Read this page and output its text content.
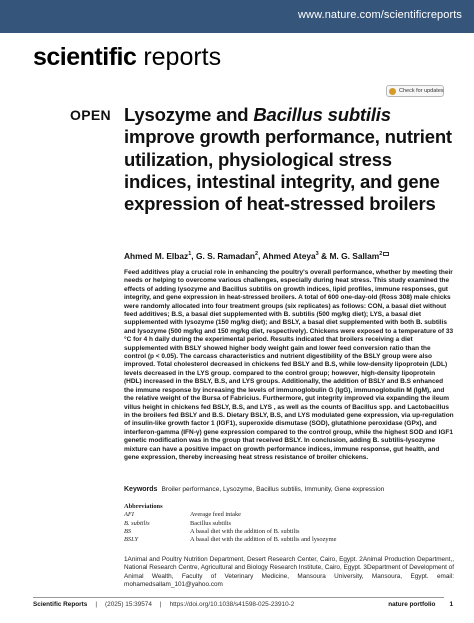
www.nature.com/scientificreports
scientific reports
Check for updates
OPEN Lysozyme and Bacillus subtilis improve growth performance, nutrient utilization, physiological stress indices, intestinal integrity, and gene expression of heat-stressed broilers
Ahmed M. Elbaz$^1$, G. S. Ramadan$^2$, Ahmed Ateya$^3$ & M. G. Sallam$^2$

Feed additives play a crucial role in enhancing the poultry's overall performance, whether by meeting their needs or helping to overcome various challenges, especially during heat stress. This study examined the effects of adding lysozyme and Bacillus subtilis on growth indices, lipid profiles, immune responses, gut integrity, and gene expression in heat-stressed broilers. A total of 600 one-day-old (Ross 308) male chicks were randomly allocated into four treatment groups (six replicates) as follows: CON, a basal diet without feed additives; B.S, a basal diet supplemented with B. subtilis (500 mg/kg diet); LYS, a basal diet supplemented with lysozyme (150 mg/kg diet); and BSLY, a basal diet supplemented with both B. subtilis and lysozyme (500 mg/kg and 150 mg/kg diet, respectively). Chickens were exposed to a temperature of 33 °C for 4 h daily during the experimental period. Results indicated that broilers receiving a diet supplemented with BSLY showed higher body weight gain and lower feed conversion ratio than the control (p < 0.05). The carcass characteristics and nutrient digestibility of the BSLY group were also improved. Total cholesterol decreased in chickens fed BSLY and B.S, while low-density lipoprotein (LDL) levels decreased in the LYS group. compared to the control group; however, high-density lipoprotein (HDL) increased in the BSLY, B.S, and LYS groups. Additionally, the addition of BSLY and B.S enhanced the immune response by increasing the levels of immunoglobulin G (IgG), immunoglobulin M (IgM), and the relative weight of the Bursa of Fabricius. Furthermore, gut integrity improved via expanding the ileum villus height in chickens fed BSLY, B.S, and LYS , as well as the counts of Bacillus spp. and Lactobacillus in the broilers fed BSLY and B.S. Dietary BSLY, B.S, and LYS modulated gene expression, via up-regulation of insulin-like growth factor 1 (IGF1), superoxide dismutase (SOD), glutathione peroxidase (GPx), and interferon-gamma (IFN-γ) gene expression compared to the control group, while the highest SOD and IGF1 genetic modification was in the group that received BSLY. In conclusion, adding B. subtilis-lysozyme mixture can have a positive impact on growth performance indices, immune response, gut health, and gene expression, thereby increasing heat stress resistance of broiler chickens.

Keywords Broiler performance, Lysozyme, Bacillus subtilis, Immunity, Gene expression
Abbreviations
AFI	Average feed intake
B. subtilis	Bacillus subtilis
BS	A basal diet with the addition of B. subtilis
BSLY	A basal diet with the addition of B. subtilis and lysozyme

1Animal and Poultry Nutrition Department, Desert Research Center, Cairo, Egypt. 2Animal Production Department,, National Research Centre, Agricultural and Biology Research Institute, Cairo, Egypt. 3Department of Development of Animal Wealth, Faculty of Veterinary Medicine, Mansoura University, Mansoura, Egypt. email: mohamedsallam_101@yahoo.com

Scientific Reports | (2025) 15:39574 | https://doi.org/10.1038/s41598-025-23910-2	nature portfolio 1
